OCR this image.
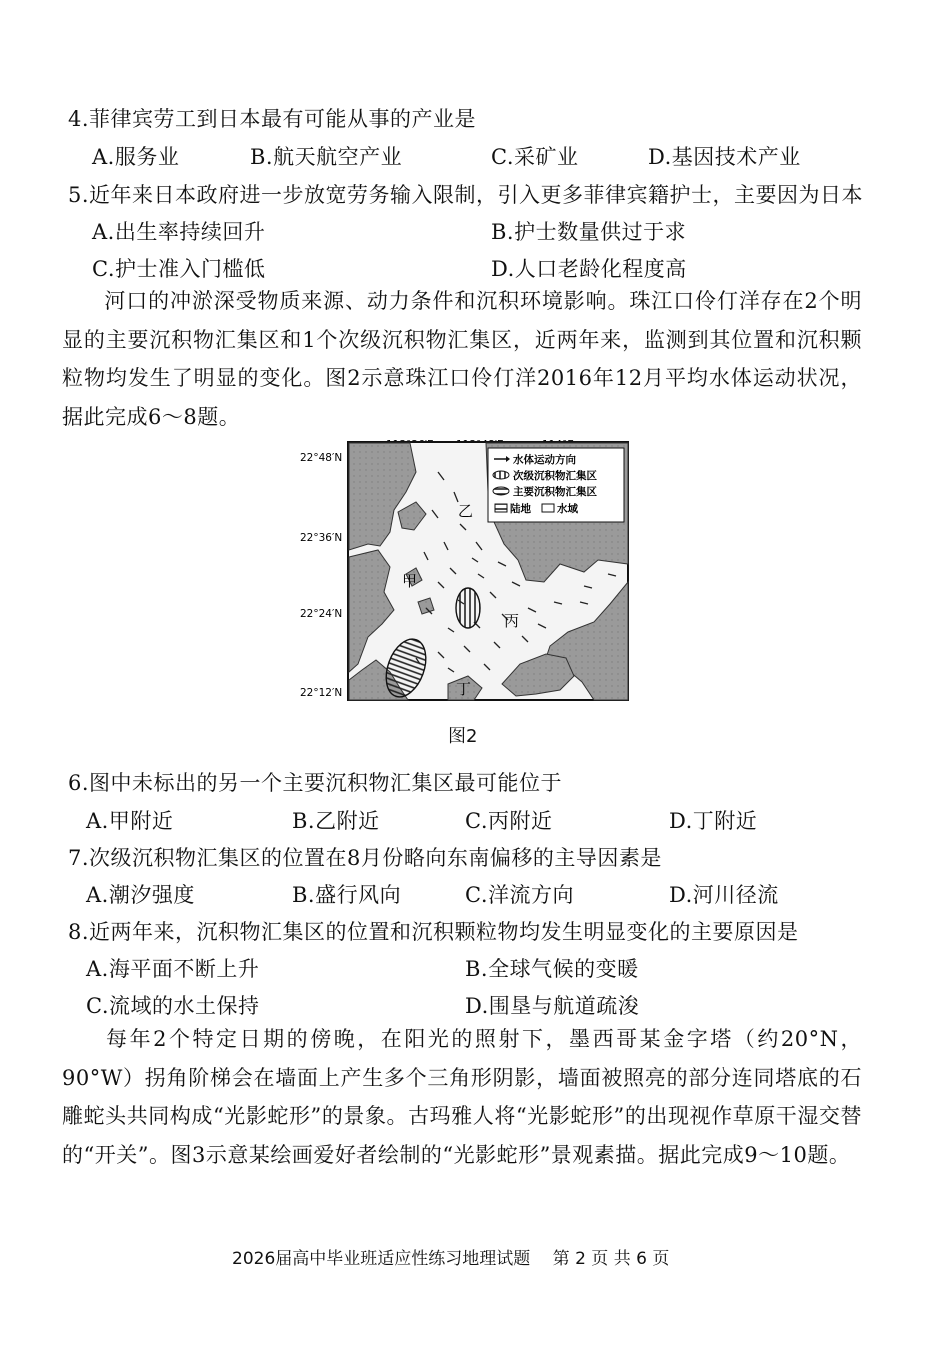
4.菲律宾劳工到日本最有可能从事的产业是
A.服务业	B.航天航空产业	C.采矿业	D.基因技术产业
5.近年来日本政府进一步放宽劳务输入限制，引入更多菲律宾籍护士，主要因为日本
A.出生率持续回升	B.护士数量供过于求
C.护士准入门槛低	D.人口老龄化程度高
河口的冲淤深受物质来源、动力条件和沉积环境影响。珠江口伶仃洋存在2个明显的主要沉积物汇集区和1个次级沉积物汇集区，近两年来，监测到其位置和沉积颗粒物均发生了明显的变化。图2示意珠江口伶仃洋2016年12月平均水体运动状况，据此完成6～8题。
22°48′N
22°36′N
22°24′N
22°12′N
甲
乙
丙
丁
水体运动方向
次级沉积物汇集区
主要沉积物汇集区
陆地 水域
图2
6.图中未标出的另一个主要沉积物汇集区最可能位于
A.甲附近	B.乙附近	C.丙附近	D.丁附近
7.次级沉积物汇集区的位置在8月份略向东南偏移的主导因素是
A.潮汐强度	B.盛行风向	C.洋流方向	D.河川径流
8.近两年来，沉积物汇集区的位置和沉积颗粒物均发生明显变化的主要原因是
A.海平面不断上升	B.全球气候的变暖
C.流域的水土保持	D.围垦与航道疏浚
每年2个特定日期的傍晚，在阳光的照射下，墨西哥某金字塔（约20°N，90°W）拐角阶梯会在墙面上产生多个三角形阴影，墙面被照亮的部分连同塔底的石雕蛇头共同构成“光影蛇形”的景象。古玛雅人将“光影蛇形”的出现视作草原干湿交替的“开关”。图3示意某绘画爱好者绘制的“光影蛇形”景观素描。据此完成9～10题。
2026届高中毕业班适应性练习地理试题　 第 2 页 共 6 页
